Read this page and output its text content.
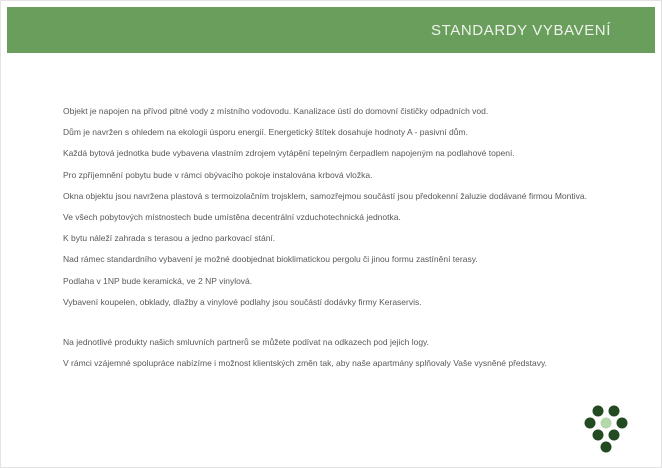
STANDARDY VYBAVENÍ

Objekt je napojen na přívod pitné vody z místního vodovodu. Kanalizace ústí do domovní čističky odpadních vod.

Dům je navržen s ohledem na ekologii úsporu energií. Energetický štítek dosahuje hodnoty A - pasivní dům.

Každá bytová jednotka bude vybavena vlastním zdrojem vytápění tepelným čerpadlem napojeným na podlahové topení.

Pro zpříjemnění pobytu bude v rámci obývacího pokoje instalována krbová vložka.

Okna objektu jsou navržena plastová s termoizolačním trojsklem, samozřejmou součástí jsou předokenní žaluzie dodávané firmou Montiva.

Ve všech pobytových místnostech bude umístěna decentrální vzduchotechnická jednotka.

K bytu náleží zahrada s terasou a jedno parkovací stání.

Nad rámec standardního vybavení je možné doobjednat bioklimatickou pergolu či jinou formu zastínění terasy.

Podlaha v 1NP bude keramická, ve 2 NP vinylová.

Vybavení koupelen, obklady, dlažby a vinylové podlahy jsou součástí dodávky firmy Keraservis.

Na jednotlivé produkty našich smluvních partnerů se můžete podívat na odkazech pod jejich logy.

V rámci vzájemné spolupráce nabízíme i možnost klientských změn tak, aby naše apartmány splňovaly Vaše vysněné představy.
